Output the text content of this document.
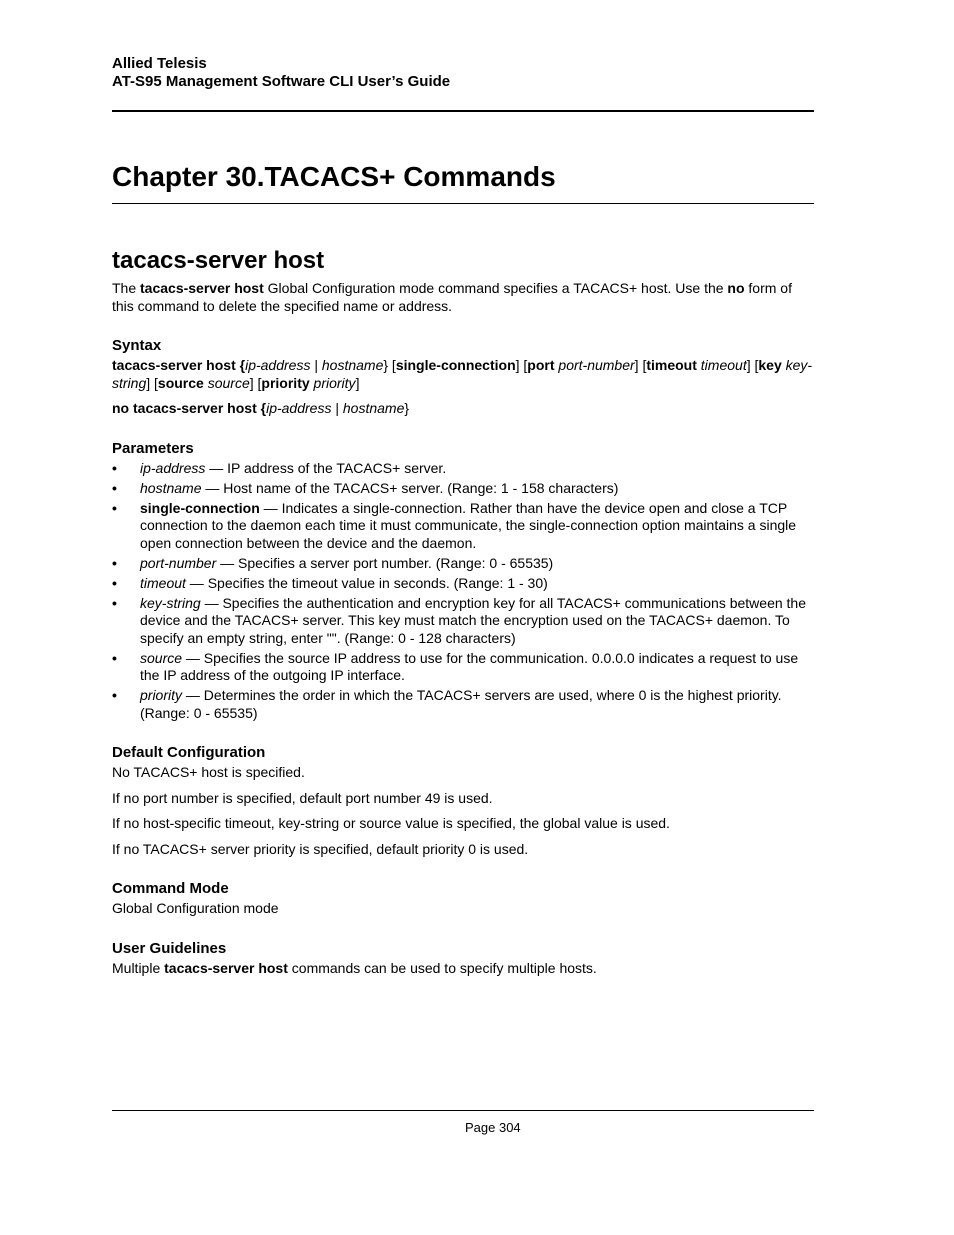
Allied Telesis
AT-S95 Management Software CLI User’s Guide
Chapter 30.TACACS+ Commands
tacacs-server host

The tacacs-server host Global Configuration mode command specifies a TACACS+ host. Use the no form of this command to delete the specified name or address.

Syntax

tacacs-server host {ip-address | hostname} [single-connection] [port port-number] [timeout timeout] [key key-string] [source source] [priority priority]

no tacacs-server host {ip-address | hostname}

Parameters
• ip-address — IP address of the TACACS+ server.
• hostname — Host name of the TACACS+ server. (Range: 1 - 158 characters)
• single-connection — Indicates a single-connection. Rather than have the device open and close a TCP connection to the daemon each time it must communicate, the single-connection option maintains a single open connection between the device and the daemon.
• port-number — Specifies a server port number. (Range: 0 - 65535)
• timeout — Specifies the timeout value in seconds. (Range: 1 - 30)
• key-string — Specifies the authentication and encryption key for all TACACS+ communications between the device and the TACACS+ server. This key must match the encryption used on the TACACS+ daemon. To specify an empty string, enter "". (Range: 0 - 128 characters)
• source — Specifies the source IP address to use for the communication. 0.0.0.0 indicates a request to use the IP address of the outgoing IP interface.
• priority — Determines the order in which the TACACS+ servers are used, where 0 is the highest priority. (Range: 0 - 65535)
Default Configuration

No TACACS+ host is specified.

If no port number is specified, default port number 49 is used.

If no host-specific timeout, key-string or source value is specified, the global value is used.

If no TACACS+ server priority is specified, default priority 0 is used.

Command Mode

Global Configuration mode

User Guidelines

Multiple tacacs-server host commands can be used to specify multiple hosts.

Page 304
